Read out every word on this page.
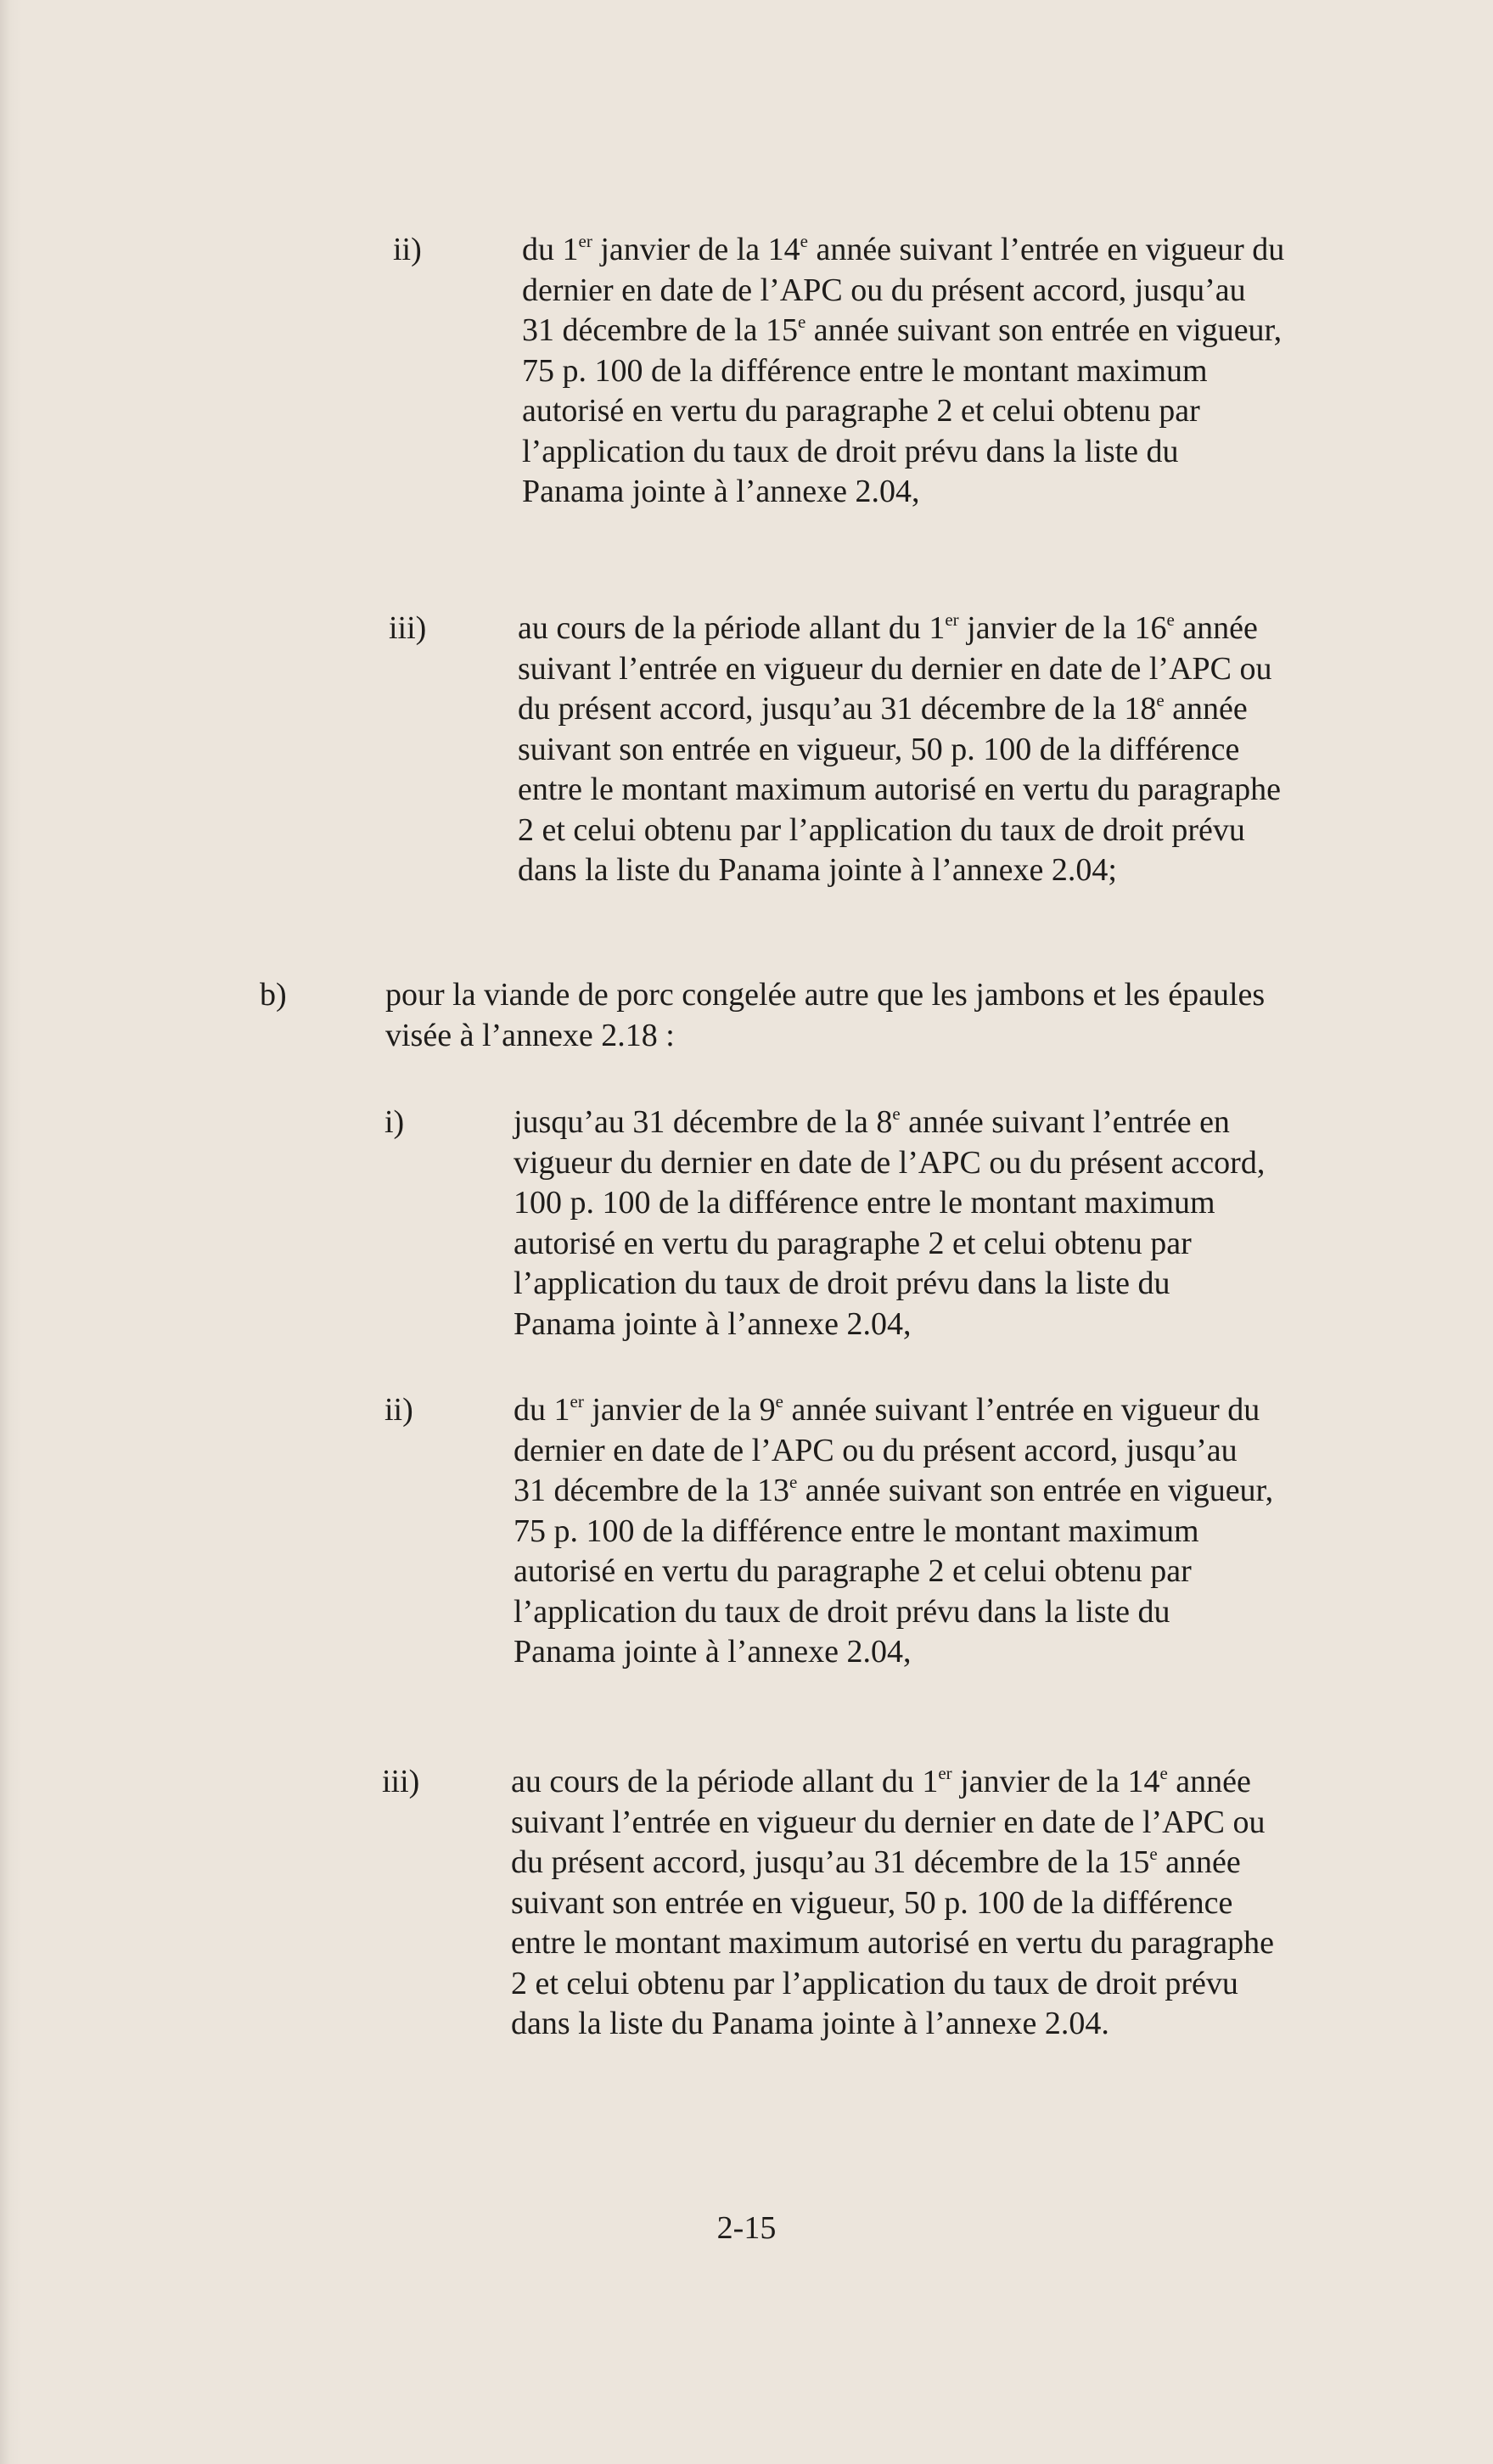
ii)	du 1er janvier de la 14e année suivant l’entrée en vigueur du dernier en date de l’APC ou du présent accord, jusqu’au 31 décembre de la 15e année suivant son entrée en vigueur, 75 p. 100 de la différence entre le montant maximum autorisé en vertu du paragraphe 2 et celui obtenu par l’application du taux de droit prévu dans la liste du Panama jointe à l’annexe 2.04,

iii)	au cours de la période allant du 1er janvier de la 16e année suivant l’entrée en vigueur du dernier en date de l’APC ou du présent accord, jusqu’au 31 décembre de la 18e année suivant son entrée en vigueur, 50 p. 100 de la différence entre le montant maximum autorisé en vertu du paragraphe 2 et celui obtenu par l’application du taux de droit prévu dans la liste du Panama jointe à l’annexe 2.04;

b)	pour la viande de porc congelée autre que les jambons et les épaules visée à l’annexe 2.18 :

i)	jusqu’au 31 décembre de la 8e année suivant l’entrée en vigueur du dernier en date de l’APC ou du présent accord, 100 p. 100 de la différence entre le montant maximum autorisé en vertu du paragraphe 2 et celui obtenu par l’application du taux de droit prévu dans la liste du Panama jointe à l’annexe 2.04,

ii)	du 1er janvier de la 9e année suivant l’entrée en vigueur du dernier en date de l’APC ou du présent accord, jusqu’au 31 décembre de la 13e année suivant son entrée en vigueur, 75 p. 100 de la différence entre le montant maximum autorisé en vertu du paragraphe 2 et celui obtenu par l’application du taux de droit prévu dans la liste du Panama jointe à l’annexe 2.04,

iii)	au cours de la période allant du 1er janvier de la 14e année suivant l’entrée en vigueur du dernier en date de l’APC ou du présent accord, jusqu’au 31 décembre de la 15e année suivant son entrée en vigueur, 50 p. 100 de la différence entre le montant maximum autorisé en vertu du paragraphe 2 et celui obtenu par l’application du taux de droit prévu dans la liste du Panama jointe à l’annexe 2.04.

2-15
